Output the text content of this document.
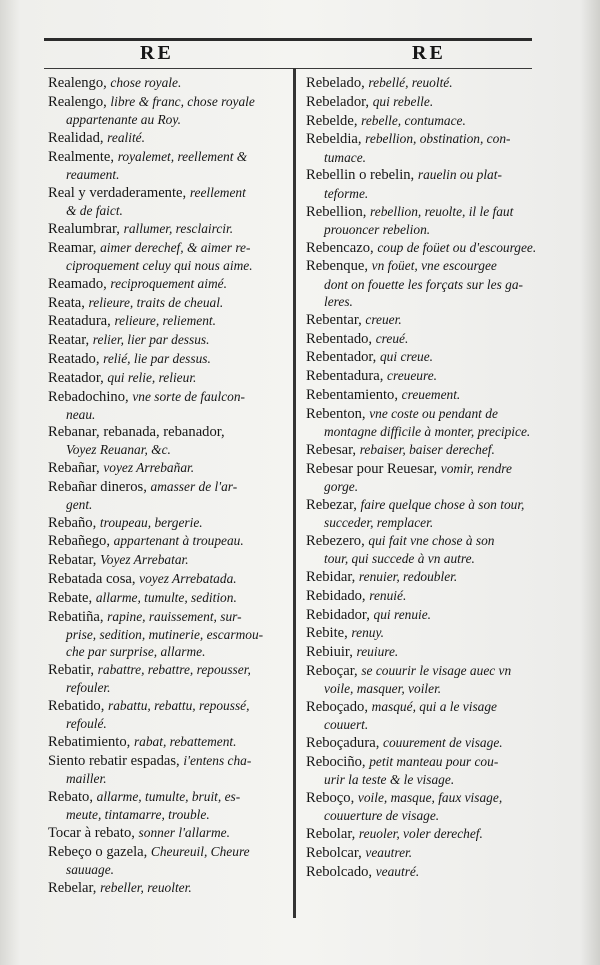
RE	RE
Realengo, chose royale.
Realengo, libre & franc, chose royale
appartenante au Roy.
Realidad, realité.
Realmente, royalemet, reellement &
reaument.
Real y verdaderamente, reellement
& de faict.
Realumbrar, rallumer, resclaircir.
Reamar, aimer derechef, & aimer re-
ciproquement celuy qui nous aime.
Reamado, reciproquement aimé.
Reata, relieure, traits de cheual.
Reatadura, relieure, reliement.
Reatar, relier, lier par dessus.
Reatado, relié, lie par dessus.
Reatador, qui relie, relieur.
Rebadochino, vne sorte de faulcon-
neau.
Rebanar, rebanada, rebanador,
Voyez Reuanar, &c.
Rebañar, voyez Arrebañar.
Rebañar dineros, amasser de l'ar-
gent.
Rebaño, troupeau, bergerie.
Rebañego, appartenant à troupeau.
Rebatar, Voyez Arrebatar.
Rebatada cosa, voyez Arrebatada.
Rebate, allarme, tumulte, sedition.
Rebatiña, rapine, rauissement, sur-
prise, sedition, mutinerie, escarmou-
che par surprise, allarme.
Rebatir, rabattre, rebattre, repousser,
refouler.
Rebatido, rabattu, rebattu, repoussé,
refoulé.
Rebatimiento, rabat, rebattement.
Siento rebatir espadas, i'entens cha-
mailler.
Rebato, allarme, tumulte, bruit, es-
meute, tintamarre, trouble.
Tocar à rebato, sonner l'allarme.
Rebeço o gazela, Cheureuil, Cheure
sauuage.
Rebelar, rebeller, reuolter.
Rebelado, rebellé, reuolté.
Rebelador, qui rebelle.
Rebelde, rebelle, contumace.
Rebeldia, rebellion, obstination, con-
tumace.
Rebellin o rebelin, rauelin ou plat-
teforme.
Rebellion, rebellion, reuolte, il le faut
prouoncer rebelion.
Rebencazo, coup de foüet ou d'escourgee.
Rebenque, vn foüet, vne escourgee
dont on fouette les forçats sur les ga-
leres.
Rebentar, creuer.
Rebentado, creué.
Rebentador, qui creue.
Rebentadura, creueure.
Rebentamiento, creuement.
Rebenton, vne coste ou pendant de
montagne difficile à monter, precipice.
Rebesar, rebaiser, baiser derechef.
Rebesar pour Reuesar, vomir, rendre
gorge.
Rebezar, faire quelque chose à son tour,
succeder, remplacer.
Rebezero, qui fait vne chose à son
tour, qui succede à vn autre.
Rebidar, renuier, redoubler.
Rebidado, renuié.
Rebidador, qui renuie.
Rebite, renuy.
Rebiuir, reuiure.
Reboçar, se couurir le visage auec vn
voile, masquer, voiler.
Reboçado, masqué, qui a le visage
couuert.
Reboçadura, couurement de visage.
Rebociño, petit manteau pour cou-
urir la teste & le visage.
Reboço, voile, masque, faux visage,
couuerture de visage.
Rebolar, reuoler, voler derechef.
Rebolcar, veautrer.
Rebolcado, veautré.
